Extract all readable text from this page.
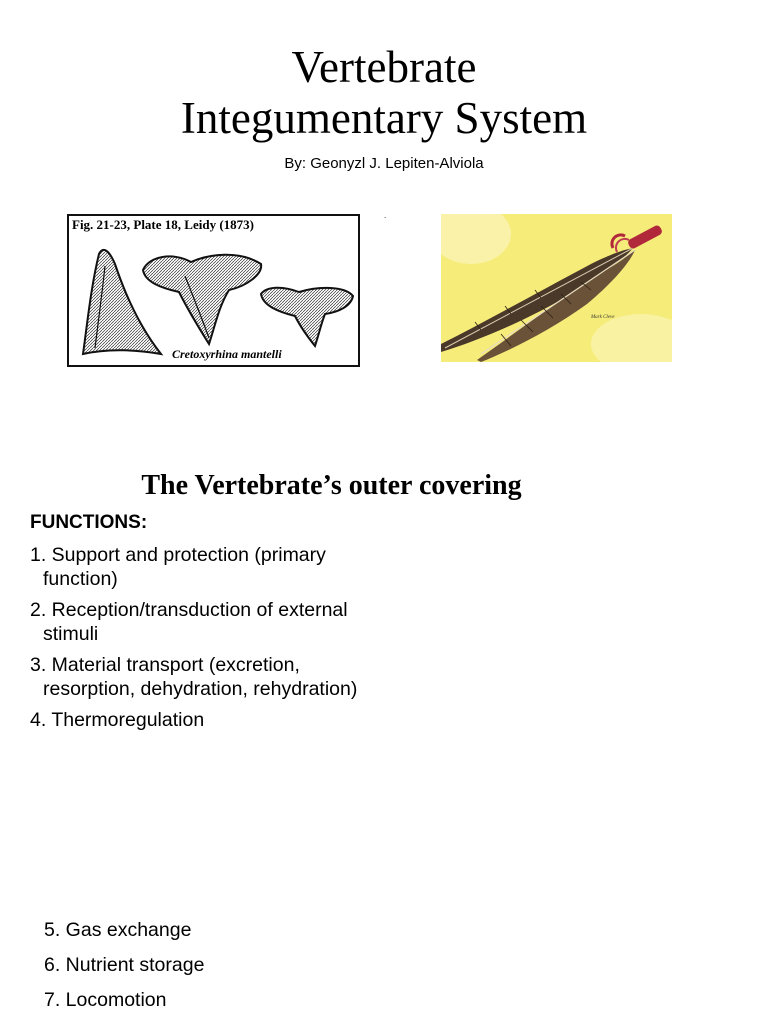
Vertebrate
Integumentary System
By: Geonyzl J. Lepiten-Alviola
Fig. 21-23, Plate 18, Leidy (1873)
Cretoxyrhina mantelli
.
Mark Cleve
The Vertebrate’s outer covering
FUNCTIONS:
1. Support and protection (primary
function)
2. Reception/transduction of external
stimuli
3. Material transport (excretion,
resorption, dehydration, rehydration)
4. Thermoregulation
5. Gas exchange
6. Nutrient storage
7. Locomotion
